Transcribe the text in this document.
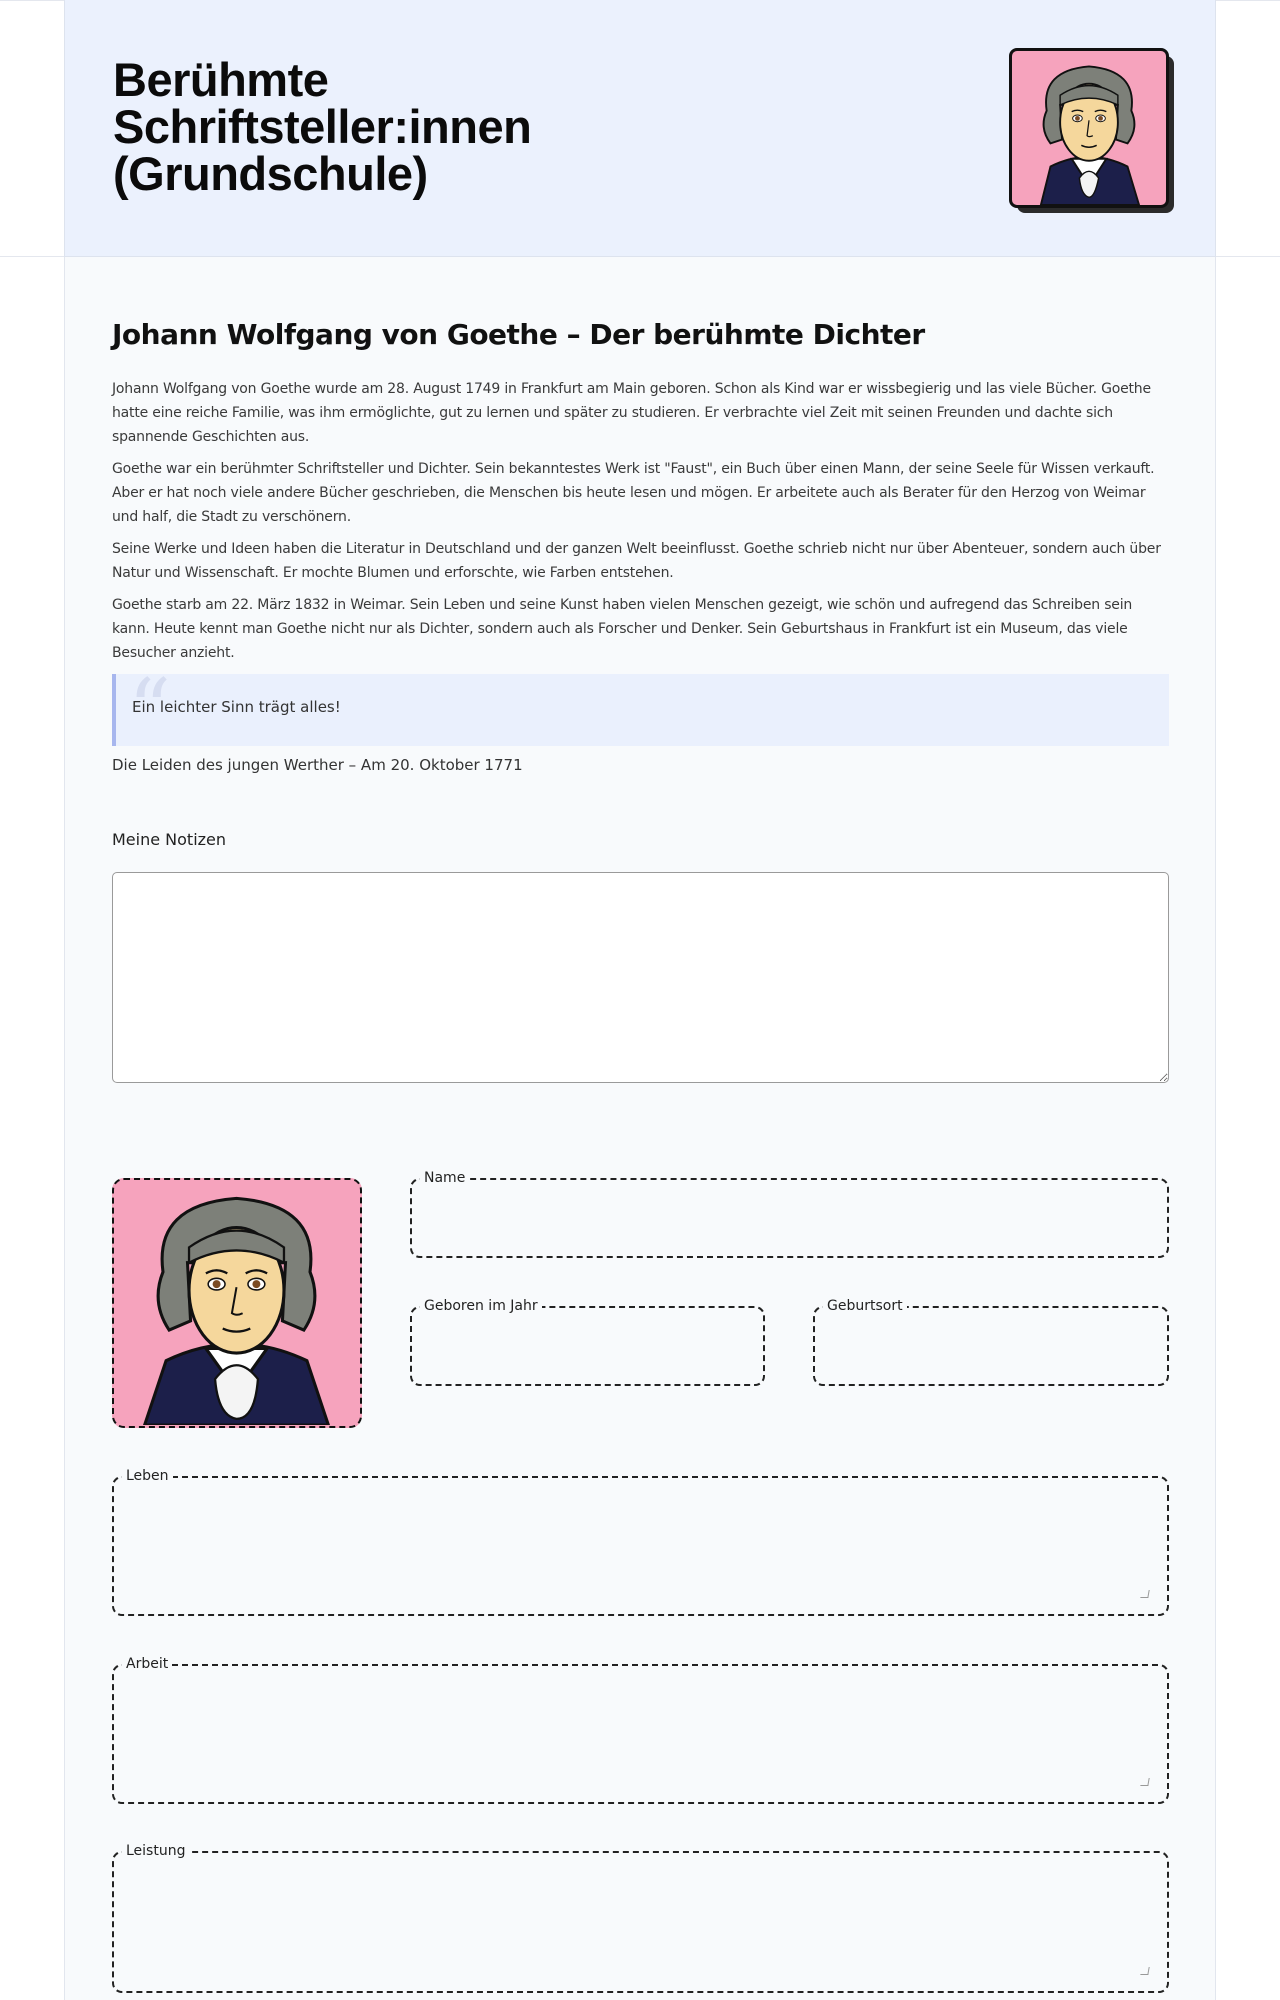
Berühmte Schriftsteller:innen (Grundschule)
Johann Wolfgang von Goethe – Der berühmte Dichter

Johann Wolfgang von Goethe wurde am 28. August 1749 in Frankfurt am Main geboren. Schon als Kind war er wissbegierig und las viele Bücher. Goethe hatte eine reiche Familie, was ihm ermöglichte, gut zu lernen und später zu studieren. Er verbrachte viel Zeit mit seinen Freunden und dachte sich spannende Geschichten aus.

Goethe war ein berühmter Schriftsteller und Dichter. Sein bekanntestes Werk ist "Faust", ein Buch über einen Mann, der seine Seele für Wissen verkauft. Aber er hat noch viele andere Bücher geschrieben, die Menschen bis heute lesen und mögen. Er arbeitete auch als Berater für den Herzog von Weimar und half, die Stadt zu verschönern.

Seine Werke und Ideen haben die Literatur in Deutschland und der ganzen Welt beeinflusst. Goethe schrieb nicht nur über Abenteuer, sondern auch über Natur und Wissenschaft. Er mochte Blumen und erforschte, wie Farben entstehen.

Goethe starb am 22. März 1832 in Weimar. Sein Leben und seine Kunst haben vielen Menschen gezeigt, wie schön und aufregend das Schreiben sein kann. Heute kennt man Goethe nicht nur als Dichter, sondern auch als Forscher und Denker. Sein Geburtshaus in Frankfurt ist ein Museum, das viele Besucher anzieht.

“
Ein leichter Sinn trägt alles!
Die Leiden des jungen Werther – Am 20. Oktober 1771
Meine Notizen
Name
Geboren im Jahr	Geburtsort
Leben
Arbeit
Leistung
